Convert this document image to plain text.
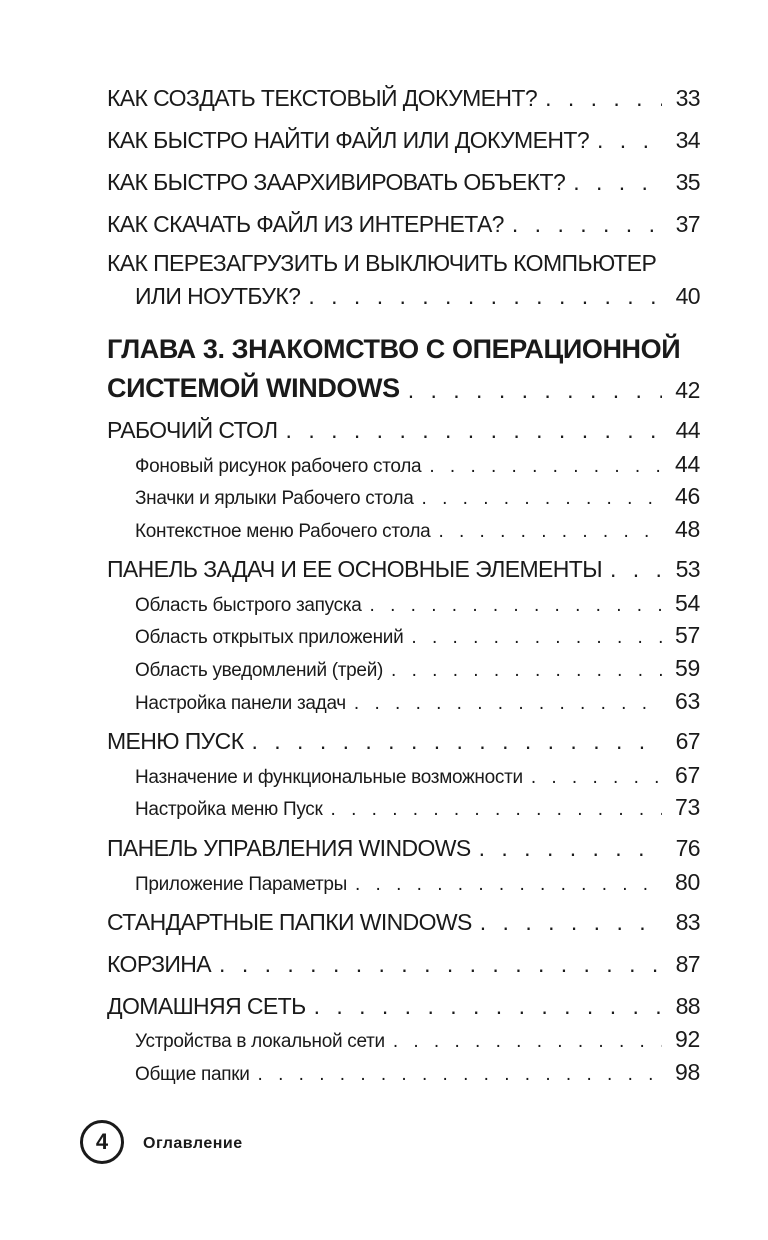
КАК СОЗДАТЬ ТЕКСТОВЫЙ ДОКУМЕНТ? . . .	33
КАК БЫСТРО НАЙТИ ФАЙЛ ИЛИ ДОКУМЕНТ? . . .	34
КАК БЫСТРО ЗААРХИВИРОВАТЬ ОБЪЕКТ? . . .	35
КАК СКАЧАТЬ ФАЙЛ ИЗ ИНТЕРНЕТА? . . .	37
КАК ПЕРЕЗАГРУЗИТЬ И ВЫКЛЮЧИТЬ КОМПЬЮТЕР
ИЛИ НОУТБУК? . . .	40
ГЛАВА 3. ЗНАКОМСТВО С ОПЕРАЦИОННОЙ
СИСТЕМОЙ WINDOWS . . .	42
РАБОЧИЙ СТОЛ . . .	44
Фоновый рисунок рабочего стола . . .	44
Значки и ярлыки Рабочего стола . . .	46
Контекстное меню Рабочего стола . . .	48
ПАНЕЛЬ ЗАДАЧ И ЕЕ ОСНОВНЫЕ ЭЛЕМЕНТЫ . . .	53
Область быстрого запуска . . .	54
Область открытых приложений . . .	57
Область уведомлений (трей) . . .	59
Настройка панели задач . . .	63
МЕНЮ ПУСК . . .	67
Назначение и функциональные возможности . . .	67
Настройка меню Пуск . . .	73
ПАНЕЛЬ УПРАВЛЕНИЯ WINDOWS . . .	76
Приложение Параметры . . .	80
СТАНДАРТНЫЕ ПАПКИ WINDOWS . . .	83
КОРЗИНА . . .	87
ДОМАШНЯЯ СЕТЬ . . .	88
Устройства в локальной сети . . .	92
Общие папки . . .	98
4	Оглавление
